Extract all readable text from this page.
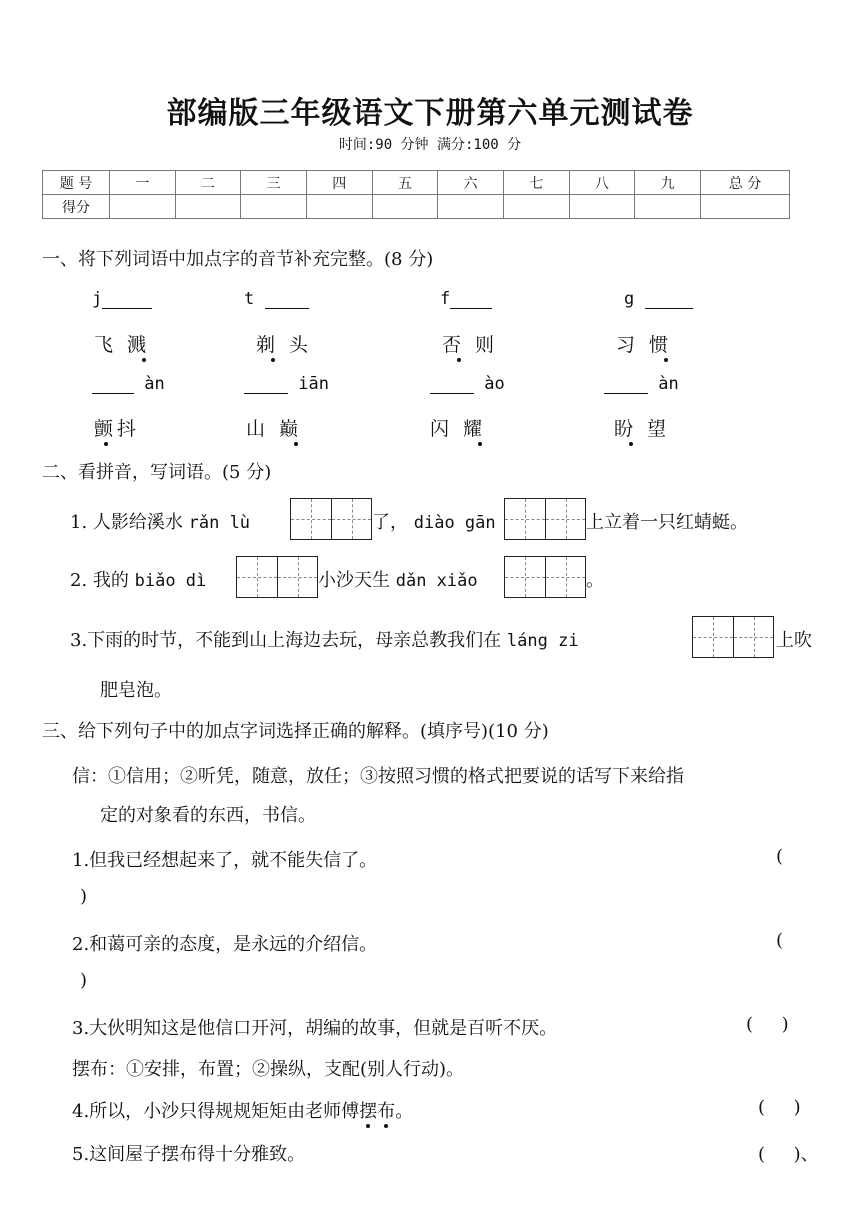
部编版三年级语文下册第六单元测试卷
时间:90 分钟 满分:100 分
题 号	一	二	三	四	五	六	七	八	九	总 分
得分										
一、将下列词语中加点字的音节补充完整。(8 分)
j	t	f	g
飞溅	剃头	否则	习惯
àn	iān	ào	àn
颤抖	山巅	闪耀	盼望
二、看拼音，写词语。(5 分)
1. 人影给溪水 rǎn lù	了， diào gān	上立着一只红蜻蜓。
2. 我的 biǎo dì	小沙天生 dǎn xiǎo	。
3.下雨的时节，不能到山上海边去玩，母亲总教我们在 láng zi	上吹
肥皂泡。
三、给下列句子中的加点字词选择正确的解释。(填序号)(10 分)
信：①信用；②听凭，随意，放任；③按照习惯的格式把要说的话写下来给指
定的对象看的东西，书信。
1.但我已经想起来了，就不能失信了。	(
)
2.和蔼可亲的态度，是永远的介绍信。	(
)
3.大伙明知这是他信口开河，胡编的故事，但就是百听不厌。	(     )
摆布：①安排，布置；②操纵，支配(别人行动)。
4.所以，小沙只得规规矩矩由老师傅摆布。	(     )
5.这间屋子摆布得十分雅致。	(     )、
